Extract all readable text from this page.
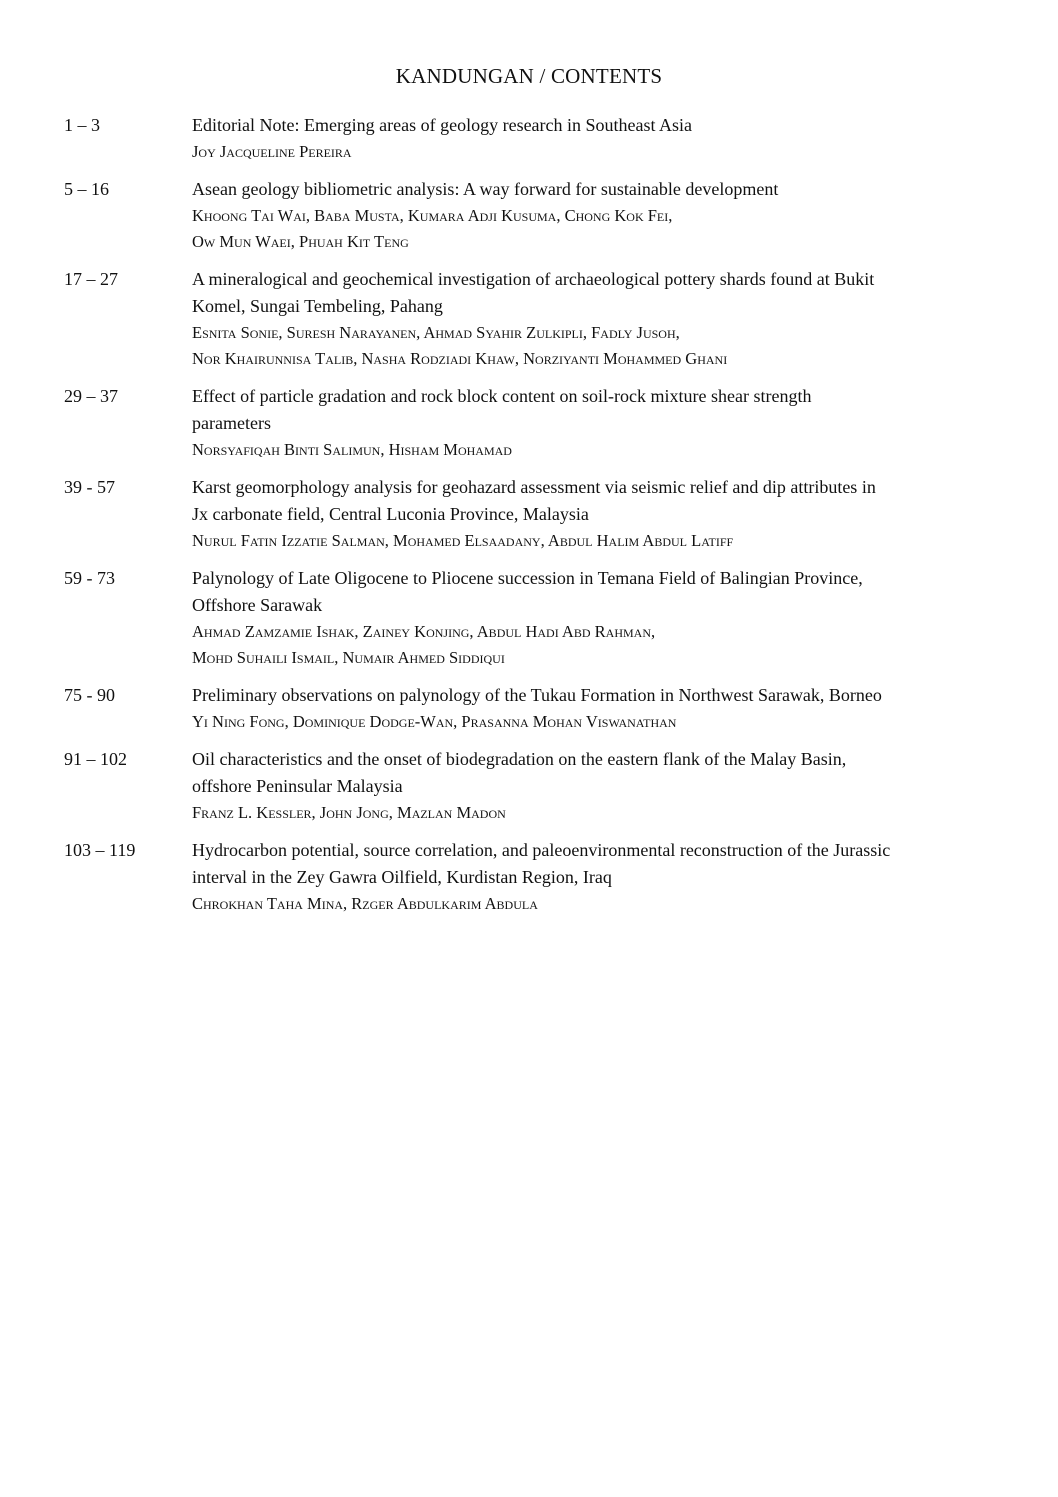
KANDUNGAN / CONTENTS
1 – 3	Editorial Note: Emerging areas of geology research in Southeast Asia
Joy Jacqueline Pereira
5 – 16	Asean geology bibliometric analysis: A way forward for sustainable development
Khoong Tai Wai, Baba Musta, Kumara Adji Kusuma, Chong Kok Fei,
Ow Mun Waei, Phuah Kit Teng
17 – 27	A mineralogical and geochemical investigation of archaeological pottery shards found at Bukit Komel, Sungai Tembeling, Pahang
Esnita Sonie, Suresh Narayanen, Ahmad Syahir Zulkipli, Fadly Jusoh,
Nor Khairunnisa Talib, Nasha Rodziadi Khaw, Norziyanti Mohammed Ghani
29 – 37	Effect of particle gradation and rock block content on soil-rock mixture shear strength parameters
Norsyafiqah Binti Salimun, Hisham Mohamad
39 - 57	Karst geomorphology analysis for geohazard assessment via seismic relief and dip attributes in Jx carbonate field, Central Luconia Province, Malaysia
Nurul Fatin Izzatie Salman, Mohamed Elsaadany, Abdul Halim Abdul Latiff
59 - 73	Palynology of Late Oligocene to Pliocene succession in Temana Field of Balingian Province, Offshore Sarawak
Ahmad Zamzamie Ishak, Zainey Konjing, Abdul Hadi Abd Rahman,
Mohd Suhaili Ismail, Numair Ahmed Siddiqui
75 - 90	Preliminary observations on palynology of the Tukau Formation in Northwest Sarawak, Borneo
Yi Ning Fong, Dominique Dodge-Wan, Prasanna Mohan Viswanathan
91 – 102	Oil characteristics and the onset of biodegradation on the eastern flank of the Malay Basin, offshore Peninsular Malaysia
Franz L. Kessler, John Jong, Mazlan Madon
103 – 119	Hydrocarbon potential, source correlation, and paleoenvironmental reconstruction of the Jurassic interval in the Zey Gawra Oilfield, Kurdistan Region, Iraq
Chrokhan Taha Mina, Rzger Abdulkarim Abdula
